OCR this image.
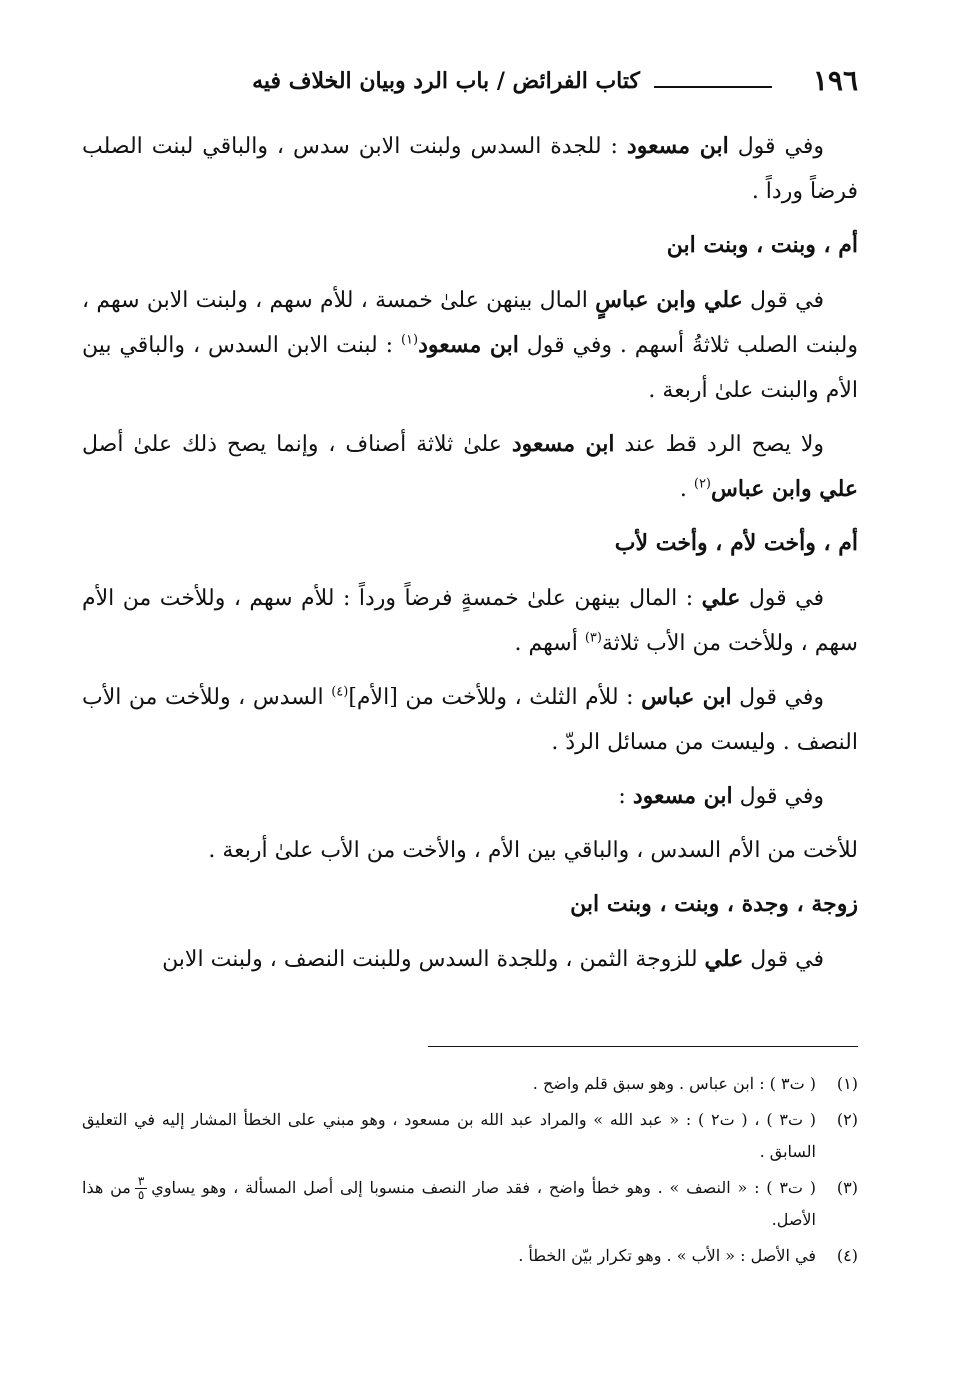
١٩٦
كتاب الفرائض / باب الرد وبيان الخلاف فيه

وفي قول ابن مسعود : للجدة السدس ولبنت الابن سدس ، والباقي لبنت الصلب فرضاً ورداً .

أم ، وبنت ، وبنت ابن

في قول علي وابن عباسٍ المال بينهن علىٰ خمسة ، للأم سهم ، ولبنت الابن سهم ، ولبنت الصلب ثلاثةُ أسهم . وفي قول ابن مسعود$^{(١)}$ : لبنت الابن السدس ، والباقي بين الأم والبنت علىٰ أربعة .

ولا يصح الرد قط عند ابن مسعود علىٰ ثلاثة أصناف ، وإنما يصح ذلك علىٰ أصل علي وابن عباس$^{(٢)}$ .

أم ، وأخت لأم ، وأخت لأب

في قول علي : المال بينهن علىٰ خمسةٍ فرضاً ورداً : للأم سهم ، وللأخت من الأم سهم ، وللأخت من الأب ثلاثة$^{(٣)}$ أسهم .

وفي قول ابن عباس : للأم الثلث ، وللأخت من [الأم]$^{(٤)}$ السدس ، وللأخت من الأب النصف . وليست من مسائل الردّ .

وفي قول ابن مسعود :

للأخت من الأم السدس ، والباقي بين الأم ، والأخت من الأب علىٰ أربعة .

زوجة ، وجدة ، وبنت ، وبنت ابن

في قول علي للزوجة الثمن ، وللجدة السدس وللبنت النصف ، ولبنت الابن

(١)
( ت٣ ) : ابن عباس . وهو سبق قلم واضح .
(٢)
( ت٣ ) ، ( ت٢ ) : « عبد الله » والمراد عبد الله بن مسعود ، وهو مبني على الخطأ المشار إليه في التعليق السابق .
(٣)
( ت٣ ) : « النصف » . وهو خطأ واضح ، فقد صار النصف منسوبا إلى أصل المسألة ، وهو يساوي
$\frac{٣}{٥}$
من هذا الأصل.
(٤)
في الأصل : « الأب » . وهو تكرار بيّن الخطأ .
